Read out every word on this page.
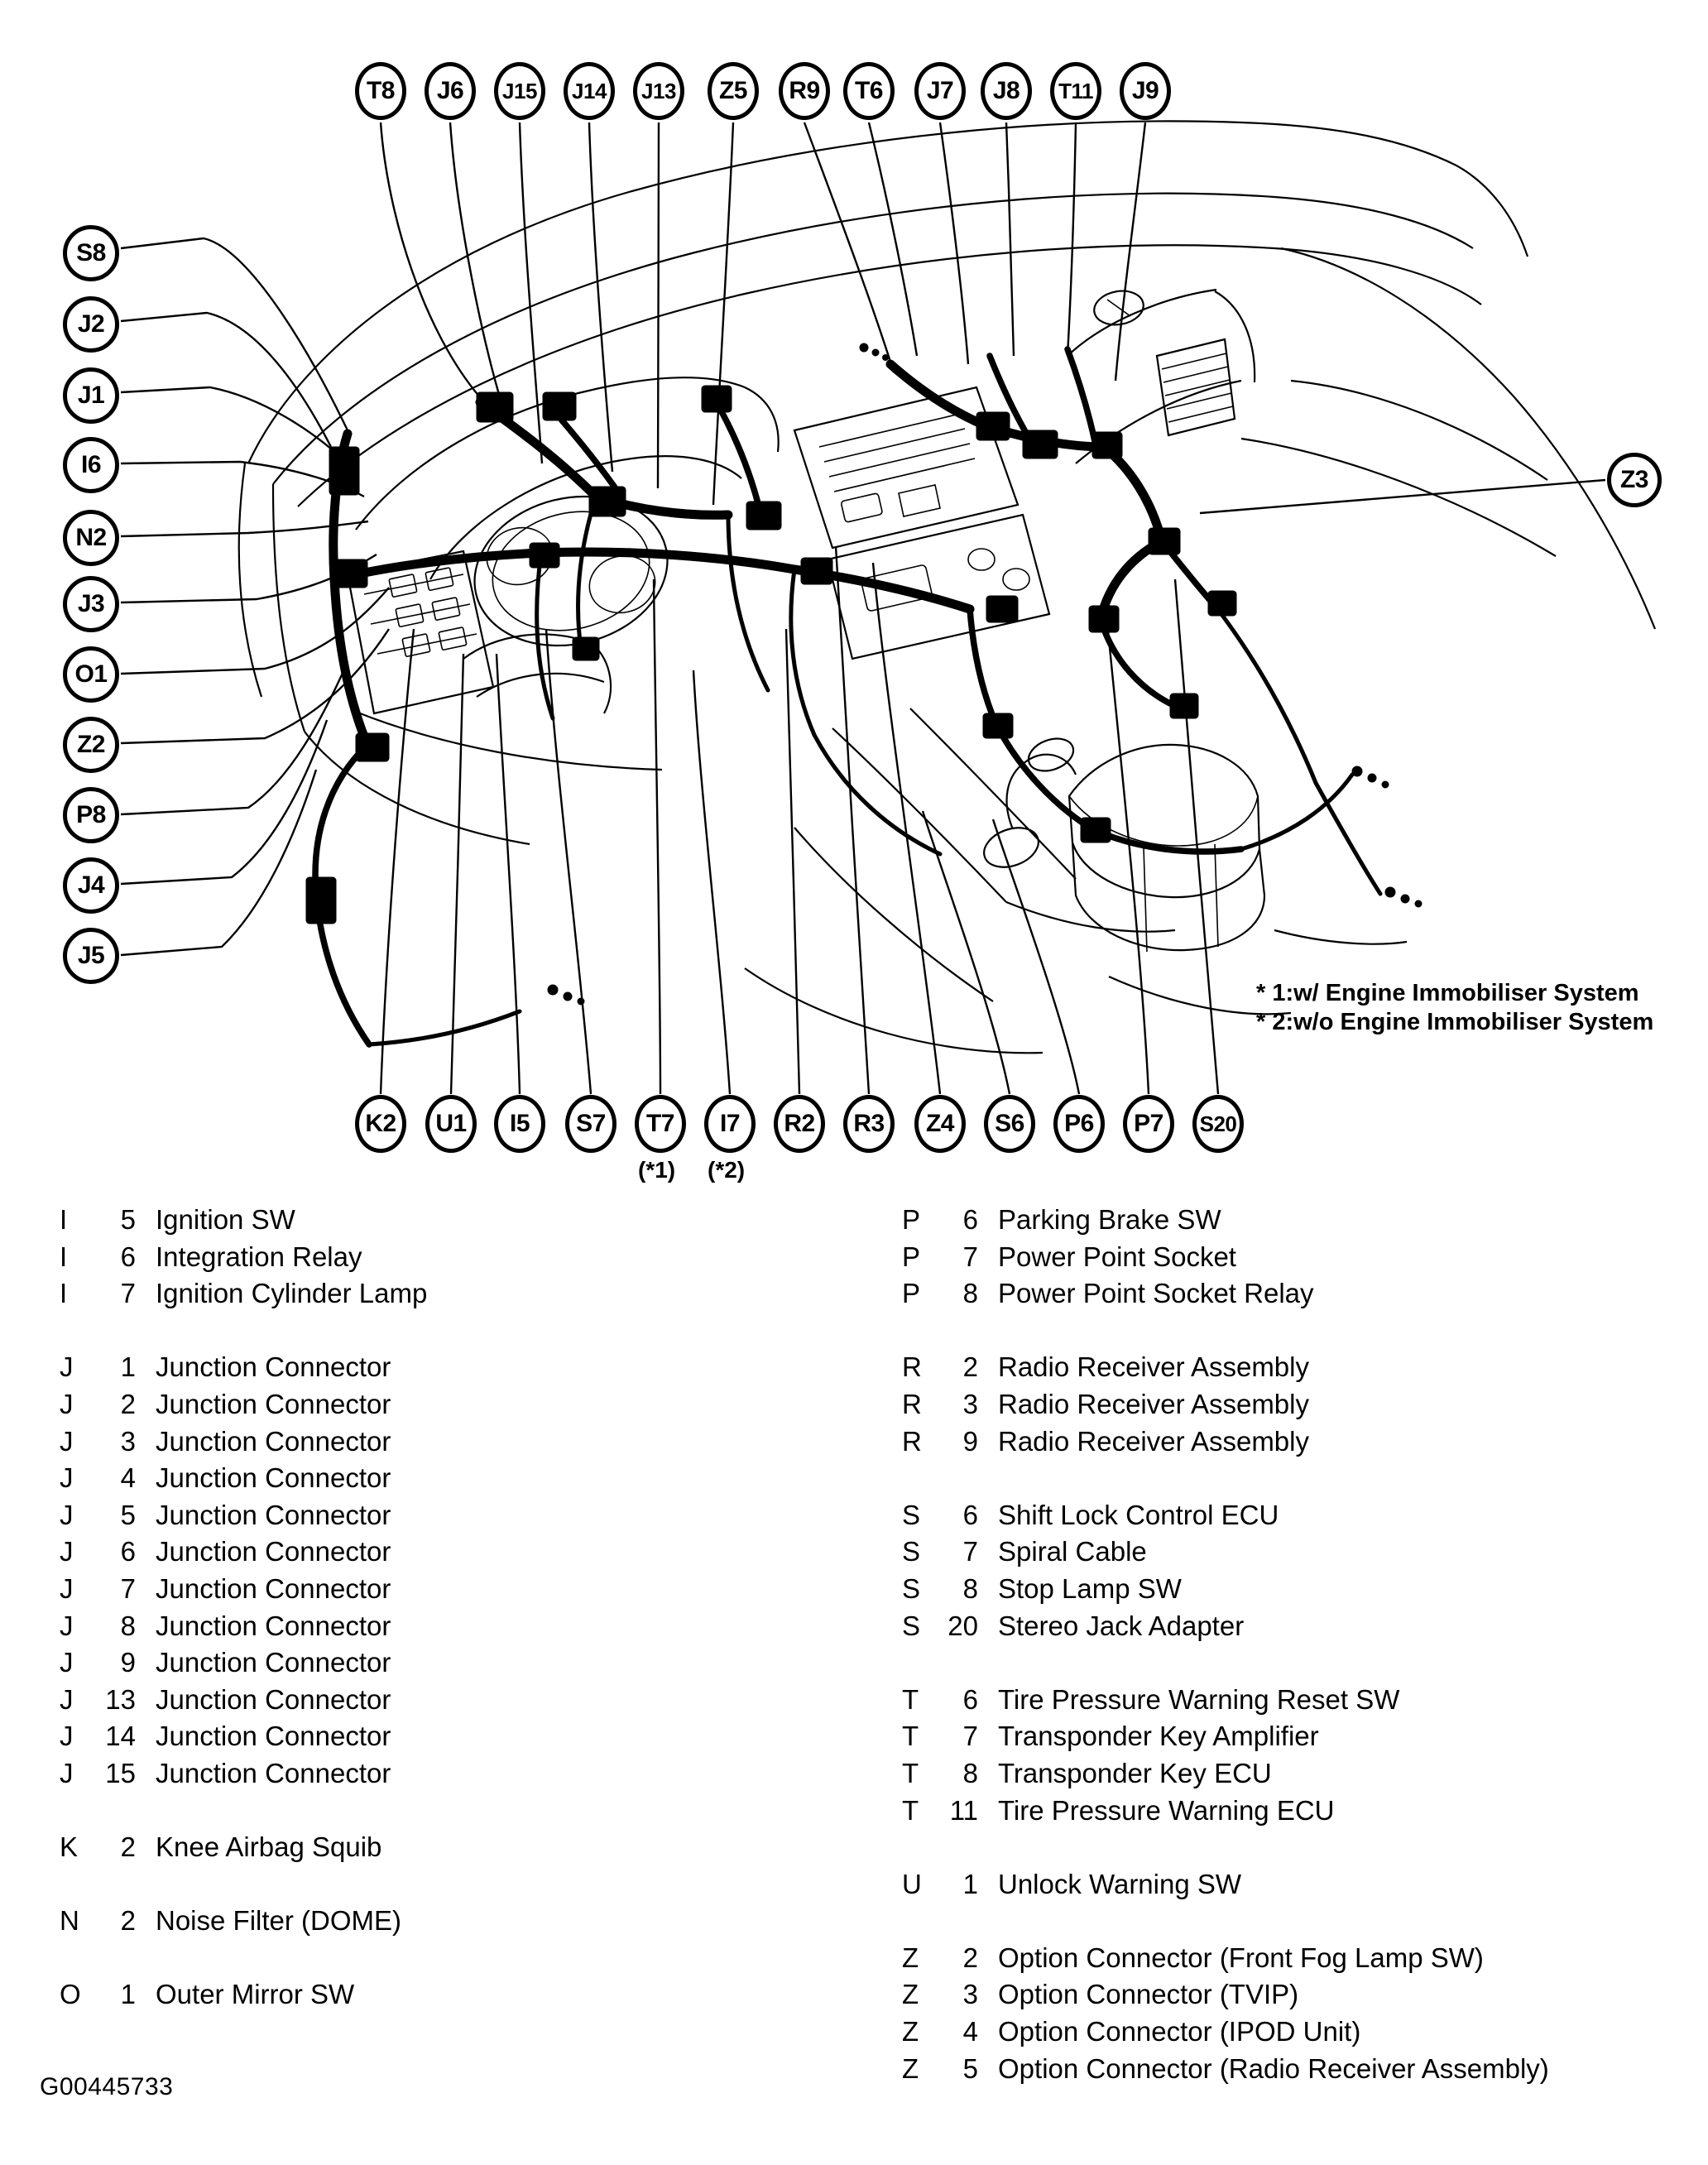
T8 J6 J15 J14 J13 Z5 R9 T6 J7 J8 T11 J9
S8
J2
J1
I6
N2
J3
O1
Z2
P8
J4
J5
Z3
K2 U1 I5 S7 T7 I7 R2 R3 Z4 S6 P6 P7 S20
(*1) (*2)
* 1:w/ Engine Immobiliser System
* 2:w/o Engine Immobiliser System
I	5 Ignition SW
I	6 Integration Relay
I	7 Ignition Cylinder Lamp
J	1 Junction Connector
J	2 Junction Connector
J	3 Junction Connector
J	4 Junction Connector
J	5 Junction Connector
J	6 Junction Connector
J	7 Junction Connector
J	8 Junction Connector
J	9 Junction Connector
J	13 Junction Connector
J	14 Junction Connector
J	15 Junction Connector
K	2 Knee Airbag Squib
N	2 Noise Filter (DOME)
O	1 Outer Mirror SW
P	6 Parking Brake SW
P	7 Power Point Socket
P	8 Power Point Socket Relay
R	2 Radio Receiver Assembly
R	3 Radio Receiver Assembly
R	9 Radio Receiver Assembly
S	6 Shift Lock Control ECU
S	7 Spiral Cable
S	8 Stop Lamp SW
S	20 Stereo Jack Adapter
T	6 Tire Pressure Warning Reset SW
T	7 Transponder Key Amplifier
T	8 Transponder Key ECU
T	11 Tire Pressure Warning ECU
U	1 Unlock Warning SW
Z	2 Option Connector (Front Fog Lamp SW)
Z	3 Option Connector (TVIP)
Z	4 Option Connector (IPOD Unit)
Z	5 Option Connector (Radio Receiver Assembly)
G00445733
